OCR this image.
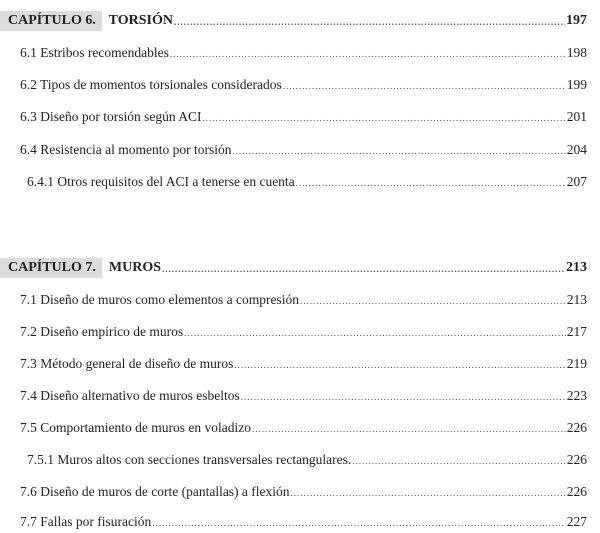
CAPÍTULO 6. TORSIÓN .....	197
6.1 Estribos recomendables .....	198
6.2 Tipos de momentos torsionales considerados .....	199
6.3 Diseño por torsión según ACI .....	201
6.4 Resistencia al momento por torsión .....	204
6.4.1 Otros requisitos del ACI a tenerse en cuenta .....	207
CAPÍTULO 7. MUROS .....	213
7.1 Diseño de muros como elementos a compresión .....	213
7.2 Diseño empírico de muros .....	217
7.3 Método general de diseño de muros .....	219
7.4 Diseño alternativo de muros esbeltos .....	223
7.5 Comportamiento de muros en voladizo .....	226
7.5.1 Muros altos con secciones transversales rectangulares. .....	226
7.6 Diseño de muros de corte (pantallas) a flexión .....	226
7.7 Fallas por fisuración .....	227
